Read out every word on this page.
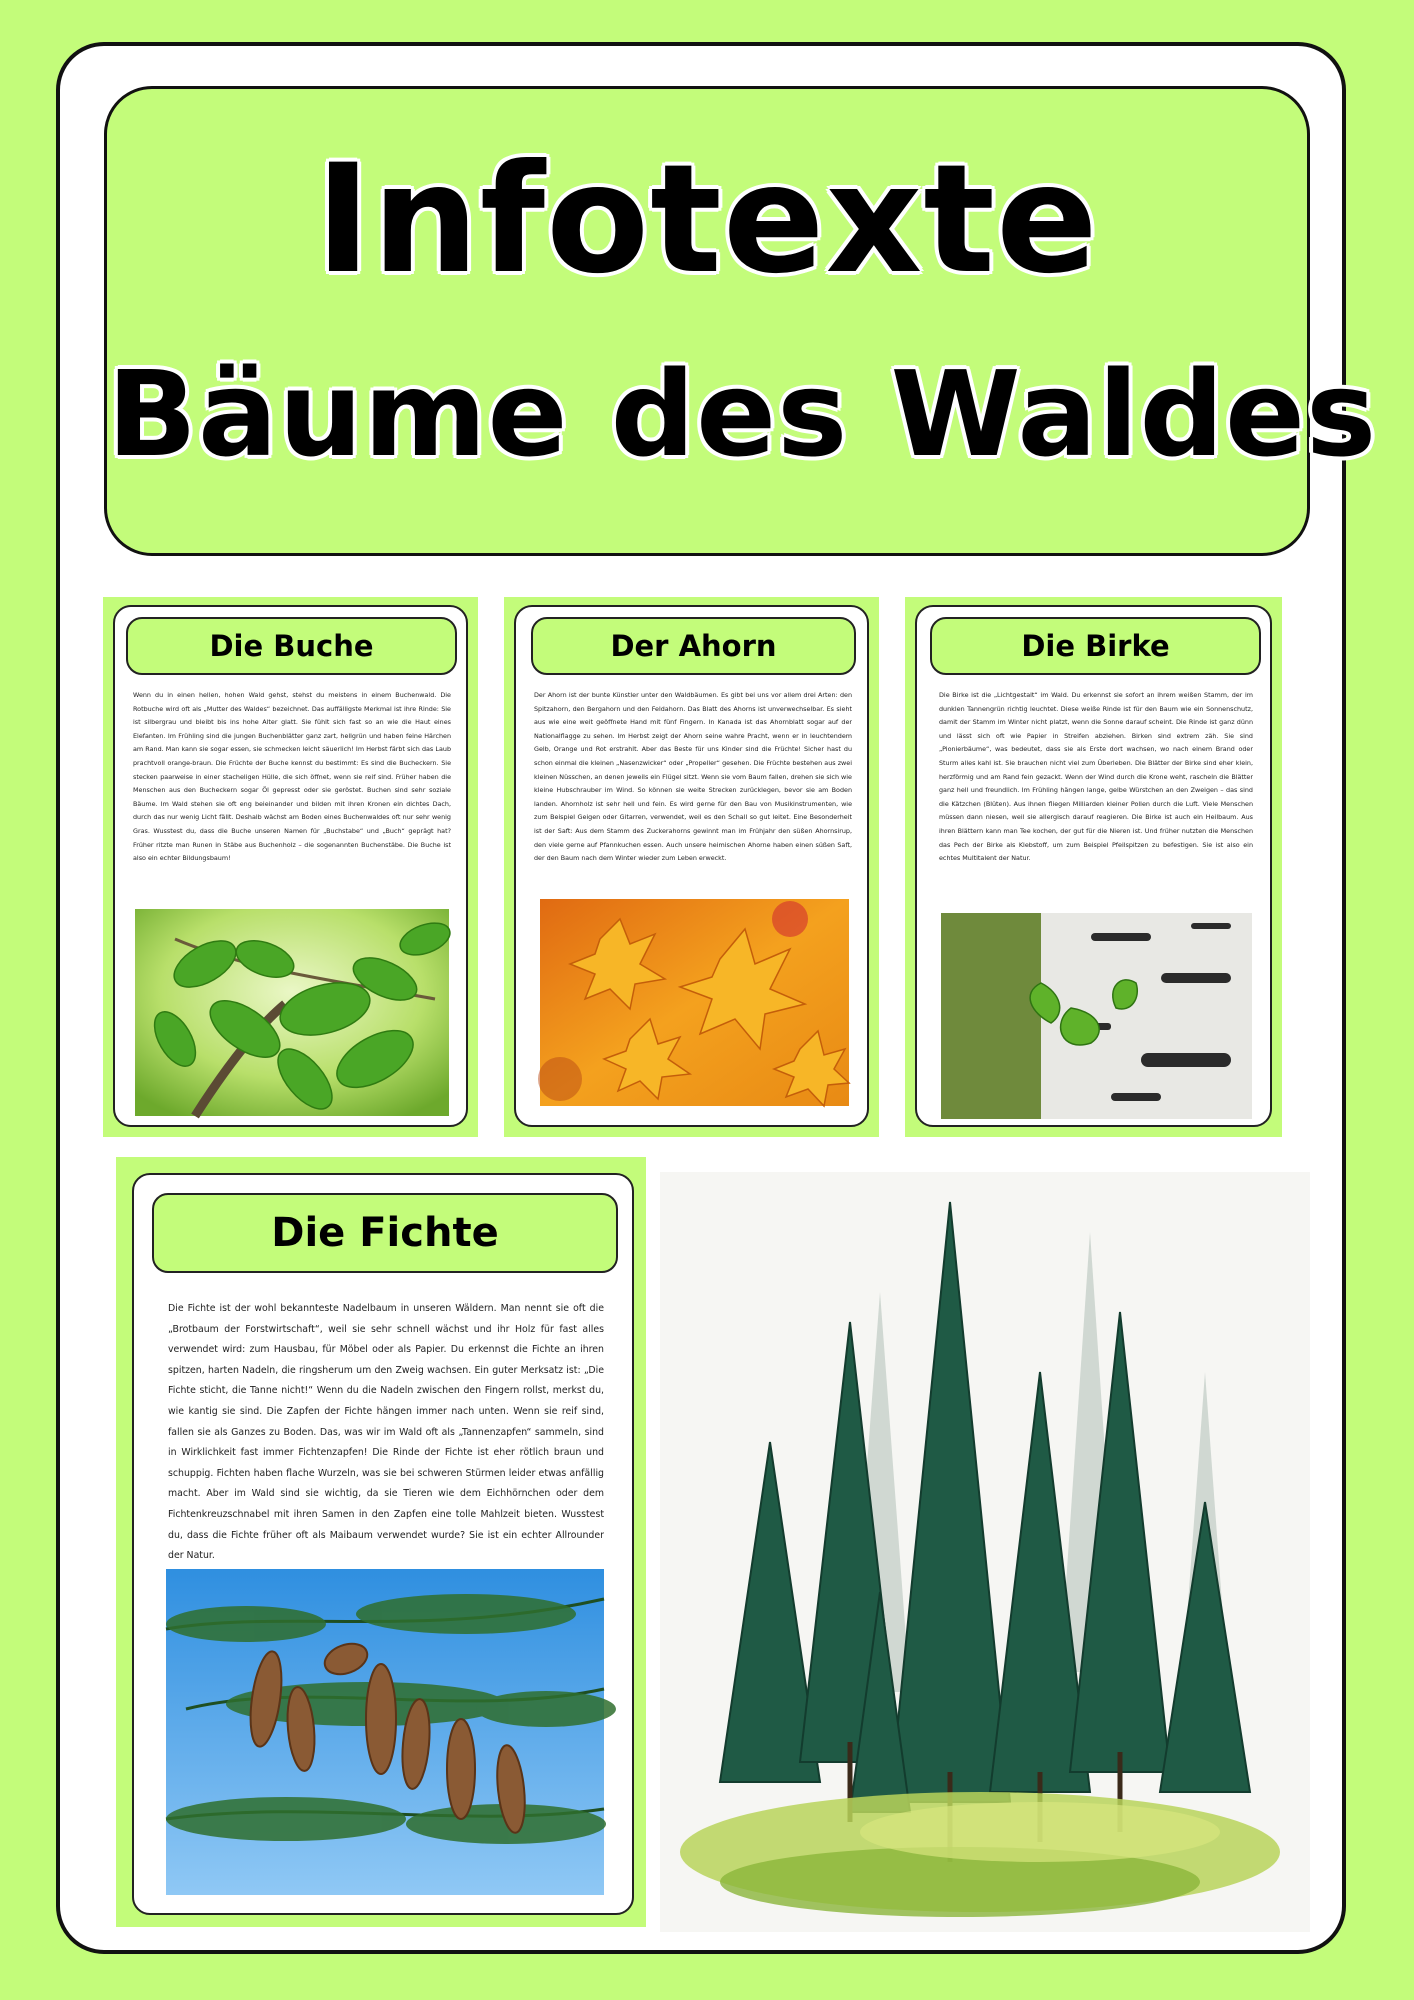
Infotexte
Bäume des Waldes
Die Buche
Wenn du in einen hellen, hohen Wald gehst, stehst du meistens in einem Buchenwald. Die Rotbuche wird oft als „Mutter des Waldes“ bezeichnet. Das auffälligste Merkmal ist ihre Rinde: Sie ist silbergrau und bleibt bis ins hohe Alter glatt. Sie fühlt sich fast so an wie die Haut eines Elefanten. Im Frühling sind die jungen Buchenblätter ganz zart, hellgrün und haben feine Härchen am Rand. Man kann sie sogar essen, sie schmecken leicht säuerlich! Im Herbst färbt sich das Laub prachtvoll orange-braun. Die Früchte der Buche kennst du bestimmt: Es sind die Bucheckern. Sie stecken paarweise in einer stacheligen Hülle, die sich öffnet, wenn sie reif sind. Früher haben die Menschen aus den Bucheckern sogar Öl gepresst oder sie geröstet. Buchen sind sehr soziale Bäume. Im Wald stehen sie oft eng beieinander und bilden mit ihren Kronen ein dichtes Dach, durch das nur wenig Licht fällt. Deshalb wächst am Boden eines Buchenwaldes oft nur sehr wenig Gras. Wusstest du, dass die Buche unseren Namen für „Buchstabe“ und „Buch“ geprägt hat? Früher ritzte man Runen in Stäbe aus Buchenholz – die sogenannten Buchenstäbe. Die Buche ist also ein echter Bildungsbaum!
Der Ahorn
Der Ahorn ist der bunte Künstler unter den Waldbäumen. Es gibt bei uns vor allem drei Arten: den Spitzahorn, den Bergahorn und den Feldahorn. Das Blatt des Ahorns ist unverwechselbar. Es sieht aus wie eine weit geöffnete Hand mit fünf Fingern. In Kanada ist das Ahornblatt sogar auf der Nationalflagge zu sehen. Im Herbst zeigt der Ahorn seine wahre Pracht, wenn er in leuchtendem Gelb, Orange und Rot erstrahlt. Aber das Beste für uns Kinder sind die Früchte! Sicher hast du schon einmal die kleinen „Nasenzwicker“ oder „Propeller“ gesehen. Die Früchte bestehen aus zwei kleinen Nüsschen, an denen jeweils ein Flügel sitzt. Wenn sie vom Baum fallen, drehen sie sich wie kleine Hubschrauber im Wind. So können sie weite Strecken zurücklegen, bevor sie am Boden landen. Ahornholz ist sehr hell und fein. Es wird gerne für den Bau von Musikinstrumenten, wie zum Beispiel Geigen oder Gitarren, verwendet, weil es den Schall so gut leitet. Eine Besonderheit ist der Saft: Aus dem Stamm des Zuckerahorns gewinnt man im Frühjahr den süßen Ahornsirup, den viele gerne auf Pfannkuchen essen. Auch unsere heimischen Ahorne haben einen süßen Saft, der den Baum nach dem Winter wieder zum Leben erweckt.
Die Birke
Die Birke ist die „Lichtgestalt“ im Wald. Du erkennst sie sofort an ihrem weißen Stamm, der im dunklen Tannengrün richtig leuchtet. Diese weiße Rinde ist für den Baum wie ein Sonnenschutz, damit der Stamm im Winter nicht platzt, wenn die Sonne darauf scheint. Die Rinde ist ganz dünn und lässt sich oft wie Papier in Streifen abziehen. Birken sind extrem zäh. Sie sind „Pionierbäume“, was bedeutet, dass sie als Erste dort wachsen, wo nach einem Brand oder Sturm alles kahl ist. Sie brauchen nicht viel zum Überleben. Die Blätter der Birke sind eher klein, herzförmig und am Rand fein gezackt. Wenn der Wind durch die Krone weht, rascheln die Blätter ganz hell und freundlich. Im Frühling hängen lange, gelbe Würstchen an den Zweigen – das sind die Kätzchen (Blüten). Aus ihnen fliegen Milliarden kleiner Pollen durch die Luft. Viele Menschen müssen dann niesen, weil sie allergisch darauf reagieren. Die Birke ist auch ein Heilbaum. Aus ihren Blättern kann man Tee kochen, der gut für die Nieren ist. Und früher nutzten die Menschen das Pech der Birke als Klebstoff, um zum Beispiel Pfeilspitzen zu befestigen. Sie ist also ein echtes Multitalent der Natur.
Die Fichte
Die Fichte ist der wohl bekannteste Nadelbaum in unseren Wäldern. Man nennt sie oft die „Brotbaum der Forstwirtschaft“, weil sie sehr schnell wächst und ihr Holz für fast alles verwendet wird: zum Hausbau, für Möbel oder als Papier. Du erkennst die Fichte an ihren spitzen, harten Nadeln, die ringsherum um den Zweig wachsen. Ein guter Merksatz ist: „Die Fichte sticht, die Tanne nicht!“ Wenn du die Nadeln zwischen den Fingern rollst, merkst du, wie kantig sie sind. Die Zapfen der Fichte hängen immer nach unten. Wenn sie reif sind, fallen sie als Ganzes zu Boden. Das, was wir im Wald oft als „Tannenzapfen“ sammeln, sind in Wirklichkeit fast immer Fichtenzapfen! Die Rinde der Fichte ist eher rötlich braun und schuppig. Fichten haben flache Wurzeln, was sie bei schweren Stürmen leider etwas anfällig macht. Aber im Wald sind sie wichtig, da sie Tieren wie dem Eichhörnchen oder dem Fichtenkreuzschnabel mit ihren Samen in den Zapfen eine tolle Mahlzeit bieten. Wusstest du, dass die Fichte früher oft als Maibaum verwendet wurde? Sie ist ein echter Allrounder der Natur.
